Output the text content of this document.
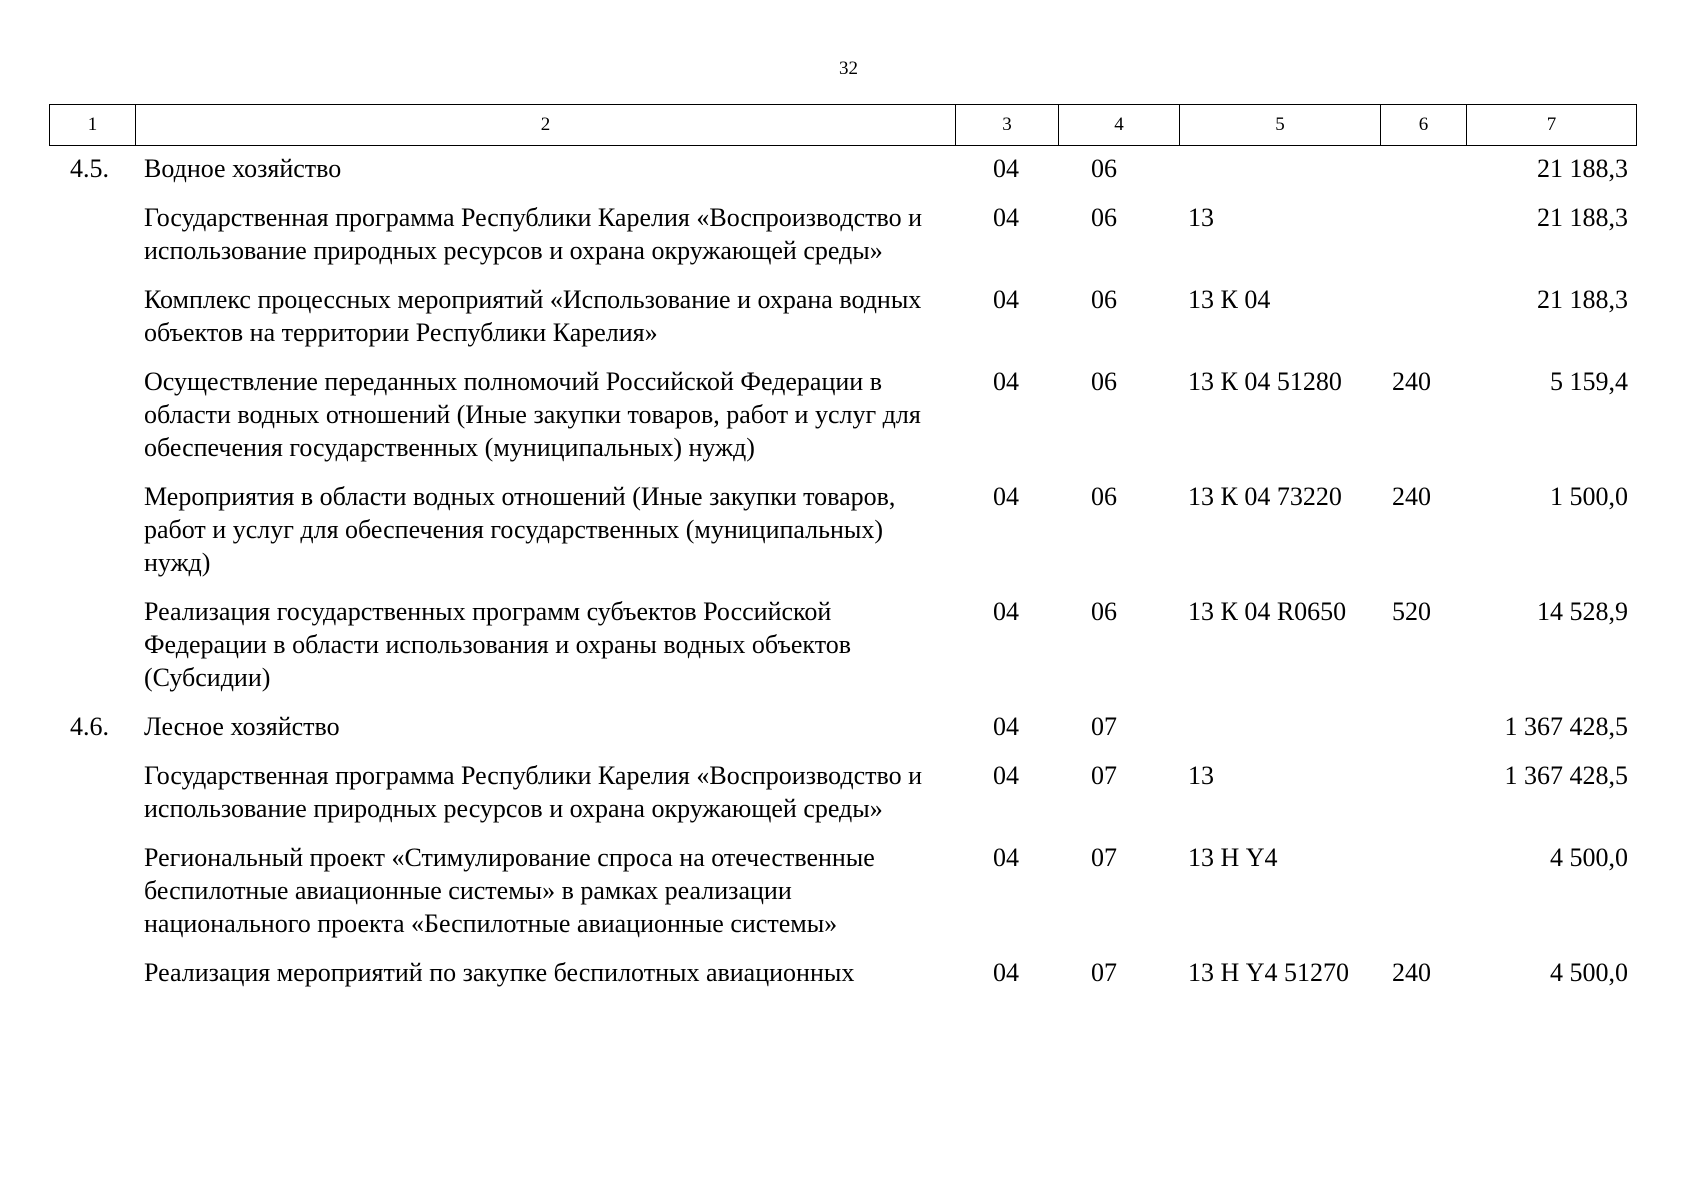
32
1	2	3	4	5	6	7
4.5.	Водное хозяйство	04	06			21 188,3
	Государственная программа Республики Карелия «Воспроизводство и использование природных ресурсов и охрана окружающей среды»	04	06	13		21 188,3
	Комплекс процессных мероприятий «Использование и охрана водных объектов на территории Республики Карелия»	04	06	13 К 04		21 188,3
	Осуществление переданных полномочий Российской Федерации в области водных отношений (Иные закупки товаров, работ и услуг для обеспечения государственных (муниципальных) нужд)	04	06	13 К 04 51280	240	5 159,4
	Мероприятия в области водных отношений (Иные закупки товаров, работ и услуг для обеспечения государственных (муниципальных) нужд)	04	06	13 К 04 73220	240	1 500,0
	Реализация государственных программ субъектов Российской Федерации в области использования и охраны водных объектов (Субсидии)	04	06	13 К 04 R0650	520	14 528,9
4.6.	Лесное хозяйство	04	07			1 367 428,5
	Государственная программа Республики Карелия «Воспроизводство и использование природных ресурсов и охрана окружающей среды»	04	07	13		1 367 428,5
	Региональный проект «Стимулирование спроса на отечественные беспилотные авиационные системы» в рамках реализации национального проекта «Беспилотные авиационные системы»	04	07	13 Н Y4		4 500,0
	Реализация мероприятий по закупке беспилотных авиационных	04	07	13 Н Y4 51270	240	4 500,0
